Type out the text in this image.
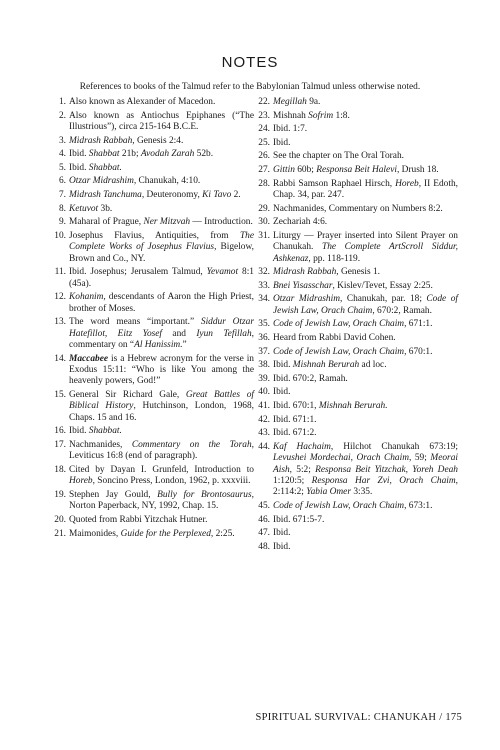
NOTES
References to books of the Talmud refer to the Babylonian Talmud unless otherwise noted.
1. Also known as Alexander of Macedon.
2. Also known as Antiochus Epiphanes (“The Illustrious”), circa 215-164 B.C.E.
3. Midrash Rabbah, Genesis 2:4.
4. Ibid. Shabbat 21b; Avodah Zarah 52b.
5. Ibid. Shabbat.
6. Otzar Midrashim, Chanukah, 4:10.
7. Midrash Tanchuma, Deuteronomy, Ki Tavo 2.
8. Ketuvot 3b.
9. Maharal of Prague, Ner Mitzvah — Introduction.
10. Josephus Flavius, Antiquities, from The Complete Works of Josephus Flavius, Bigelow, Brown and Co., NY.
11. Ibid. Josephus; Jerusalem Talmud, Yevamot 8:1 (45a).
12. Kohanim, descendants of Aaron the High Priest, brother of Moses.
13. The word means “important.” Siddur Otzar Hatefillot, Eitz Yosef and Iyun Tefillah, commentary on “Al Hanissim.”
14. Maccabee is a Hebrew acronym for the verse in Exodus 15:11: “Who is like You among the heavenly powers, God!”
15. General Sir Richard Gale, Great Battles of Biblical History, Hutchinson, London, 1968, Chaps. 15 and 16.
16. Ibid. Shabbat.
17. Nachmanides, Commentary on the Torah, Leviticus 16:8 (end of paragraph).
18. Cited by Dayan I. Grunfeld, Introduction to Horeb, Soncino Press, London, 1962, p. xxxviii.
19. Stephen Jay Gould, Bully for Brontosaurus, Norton Paperback, NY, 1992, Chap. 15.
20. Quoted from Rabbi Yitzchak Hutner.
21. Maimonides, Guide for the Perplexed, 2:25.
22. Megillah 9a.
23. Mishnah Sofrim 1:8.
24. Ibid. 1:7.
25. Ibid.
26. See the chapter on The Oral Torah.
27. Gittin 60b; Responsa Beit Halevi, Drush 18.
28. Rabbi Samson Raphael Hirsch, Horeb, II Edoth, Chap. 34, par. 247.
29. Nachmanides, Commentary on Numbers 8:2.
30. Zechariah 4:6.
31. Liturgy — Prayer inserted into Silent Prayer on Chanukah. The Complete ArtScroll Siddur, Ashkenaz, pp. 118-119.
32. Midrash Rabbah, Genesis 1.
33. Bnei Yisasschar, Kislev/Tevet, Essay 2:25.
34. Otzar Midrashim, Chanukah, par. 18; Code of Jewish Law, Orach Chaim, 670:2, Ramah.
35. Code of Jewish Law, Orach Chaim, 671:1.
36. Heard from Rabbi David Cohen.
37. Code of Jewish Law, Orach Chaim, 670:1.
38. Ibid. Mishnah Berurah ad loc.
39. Ibid. 670:2, Ramah.
40. Ibid.
41. Ibid. 670:1, Mishnah Berurah.
42. Ibid. 671:1.
43. Ibid. 671:2.
44. Kaf Hachaim, Hilchot Chanukah 673:19; Levushei Mordechai, Orach Chaim, 59; Meorai Aish, 5:2; Responsa Beit Yitzchak, Yoreh Deah 1:120:5; Responsa Har Zvi, Orach Chaim, 2:114:2; Yabia Omer 3:35.
45. Code of Jewish Law, Orach Chaim, 673:1.
46. Ibid. 671:5-7.
47. Ibid.
48. Ibid.
SPIRITUAL SURVIVAL: CHANUKAH / 175
